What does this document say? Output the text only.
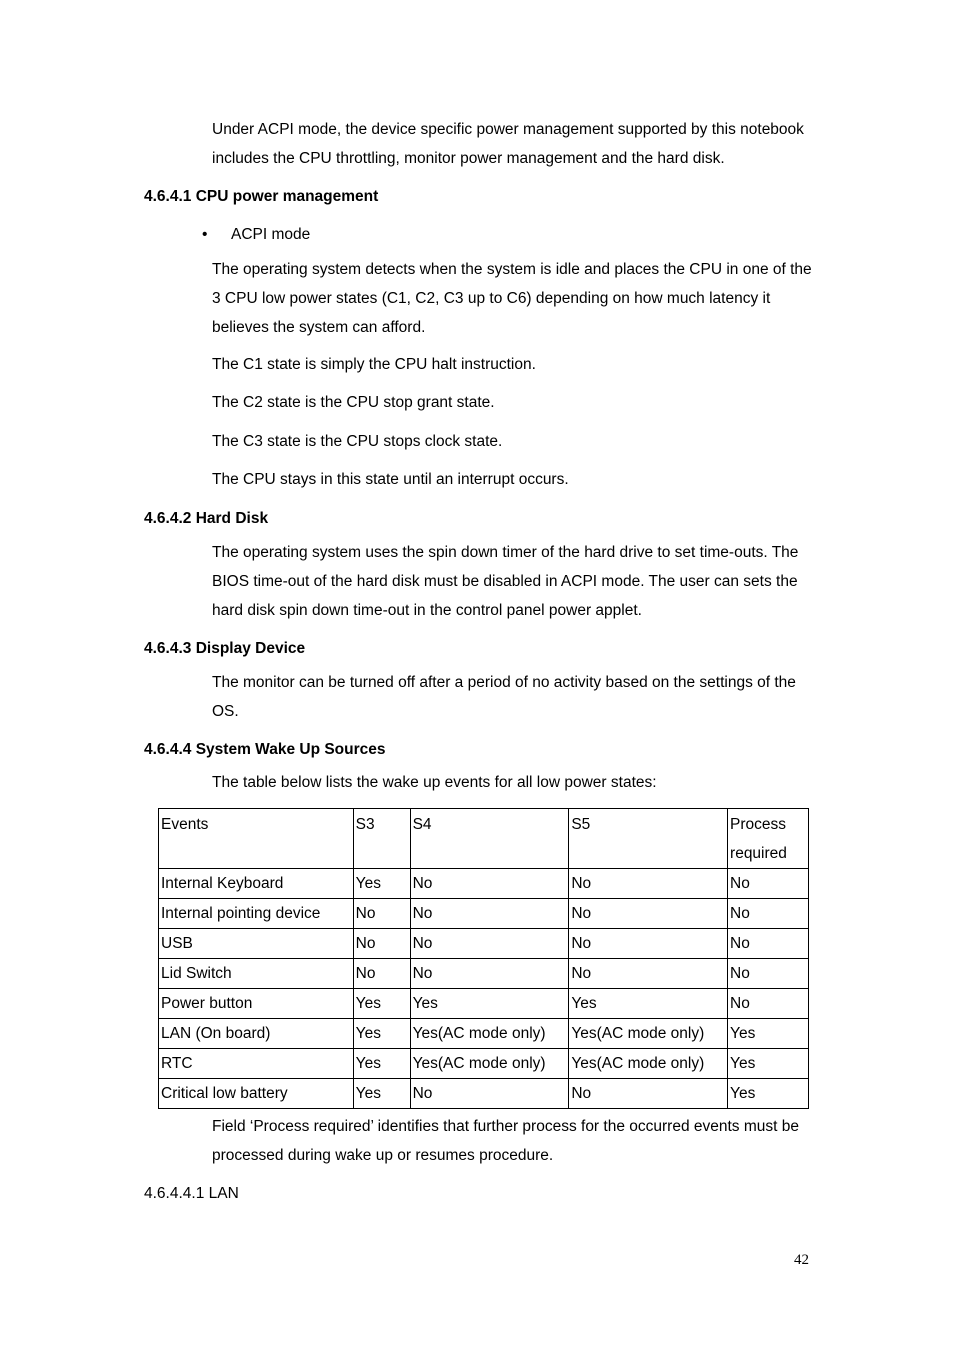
Under ACPI mode, the device specific power management supported by this notebook includes the CPU throttling, monitor power management and the hard disk.
4.6.4.1 CPU power management
• ACPI mode
The operating system detects when the system is idle and places the CPU in one of the 3 CPU low power states (C1, C2, C3 up to C6) depending on how much latency it believes the system can afford.
The C1 state is simply the CPU halt instruction.
The C2 state is the CPU stop grant state.
The C3 state is the CPU stops clock state.
The CPU stays in this state until an interrupt occurs.
4.6.4.2 Hard Disk
The operating system uses the spin down timer of the hard drive to set time-outs. The BIOS time-out of the hard disk must be disabled in ACPI mode. The user can sets the hard disk spin down time-out in the control panel power applet.
4.6.4.3 Display Device
The monitor can be turned off after a period of no activity based on the settings of the OS.
4.6.4.4 System Wake Up Sources
The table below lists the wake up events for all low power states:
Events	S3	S4	S5	Process required
Internal Keyboard	Yes	No	No	No
Internal pointing device	No	No	No	No
USB	No	No	No	No
Lid Switch	No	No	No	No
Power button	Yes	Yes	Yes	No
LAN (On board)	Yes	Yes(AC mode only)	Yes(AC mode only)	Yes
RTC	Yes	Yes(AC mode only)	Yes(AC mode only)	Yes
Critical low battery	Yes	No	No	Yes
Field ‘Process required’ identifies that further process for the occurred events must be processed during wake up or resumes procedure.
4.6.4.4.1 LAN
42
